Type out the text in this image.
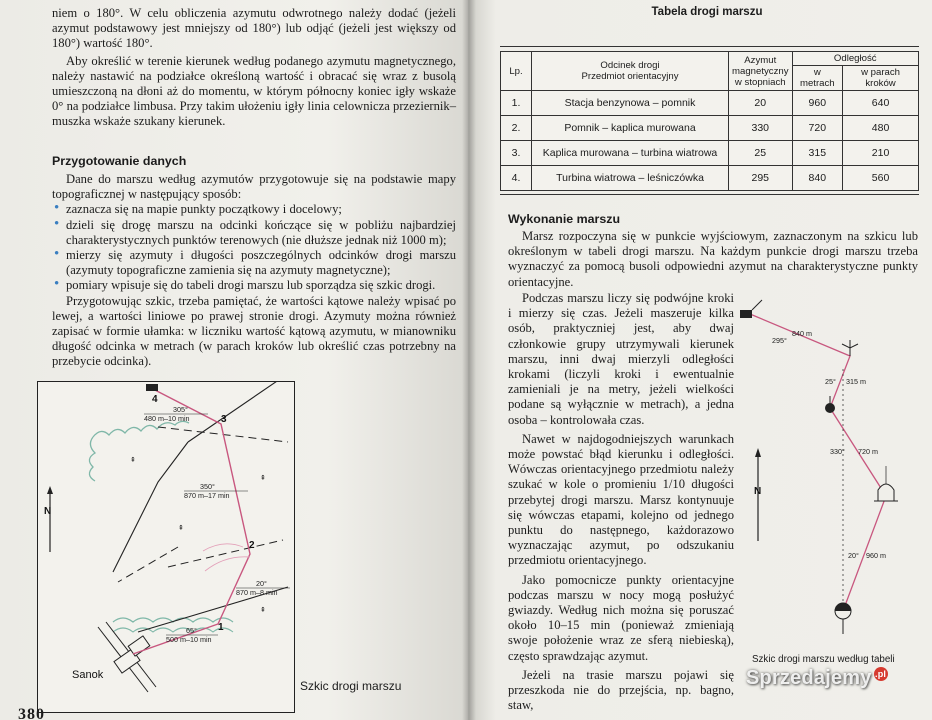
niem o 180°. W celu obliczenia azymutu odwrotnego należy dodać (jeżeli azymut podstawowy jest mniejszy od 180°) lub odjąć (jeżeli jest większy od 180°) wartość 180°.

Aby określić w terenie kierunek według podanego azymutu magnetycznego, należy nastawić na podziałce określoną wartość i obracać się wraz z busolą umieszczoną na dłoni aż do momentu, w którym północny koniec igły wskaże 0° na podziałce limbusa. Przy takim ułożeniu igły linia celowniczа przeziernik–muszka wskaże szukany kierunek.

Przygotowanie danych

Dane do marszu według azymutów przygotowuje się na podstawie mapy topograficznej w następujący sposób:

• zaznacza się na mapie punkty początkowy i docelowy;
• dzieli się drogę marszu na odcinki kończące się w pobliżu najbardziej charakterystycznych punktów terenowych (nie dłuższe jednak niż 1000 m);
• mierzy się azymuty i długości poszczególnych odcinków drogi marszu (azymuty topograficzne zamienia się na azymuty magnetyczne);
• pomiary wpisuje się do tabeli drogi marszu lub sporządza się szkic drogi.

Przygotowując szkic, trzeba pamiętać, że wartości kątowe należy wpisać po lewej, a wartości liniowe po prawej stronie drogi. Azymuty można również zapisać w formie ułamka: w liczniku wartość kątową azymutu, w mianowniku długość odcinka w metrach (w parach kroków lub określić czas potrzebny na przebycie odcinka).

N
⇞
⇞
⇞
⇞
4
3
2
1
305°
480 m–10 min
350°
870 m–17 min
20°
870 m–8 min
65°
500 m–10 min
Sanok
Szkic drogi marszu
380
Tabela drogi marszu
Lp.	Odcinek drogi
Przedmiot orientacyjny	Azymut magnetyczny w stopniach	Odległość	
			w metrach	w parach kroków
1.	Stacja benzynowa – pomnik	20	960	640
2.	Pomnik – kaplica murowana	330	720	480
3.	Kaplica murowana – turbina wiatrowa	25	315	210
4.	Turbina wiatrowa – leśniczówka	295	840	560
Wykonanie marszu

Marsz rozpoczyna się w punkcie wyjściowym, zaznaczonym na szkicu lub określonym w tabeli drogi marszu. Na każdym punkcie drogi marszu trzeba wyznaczyć za pomocą busoli odpowiedni azymut na charakterystyczne punkty orientacyjne.

Podczas marszu liczy się podwójne kroki i mierzy się czas. Jeżeli maszeruje kilka osób, praktyczniej jest, aby dwaj członkowie grupy utrzymywali kierunek marszu, inni dwaj mierzyli odległości krokami (liczyli kroki i ewentualnie zamieniali je na metry, jeżeli wielkości podane są wyłącznie w metrach), a jedna osoba – kontrolowała czas.

Nawet w najdogodniejszych warunkach może powstać błąd kierunku i odległości. Wówczas orientacyjnego przedmiotu należy szukać w kole o promieniu 1/10 długości przebytej drogi marszu. Marsz kontynuuje się wówczas etapami, kolejno od jednego punktu do następnego, każdorazowo wyznaczając azymut, po odszukaniu przedmiotu orientacyjnego.

Jako pomocnicze punkty orientacyjne podczas marszu w nocy mogą posłużyć gwiazdy. Według nich można się poruszać około 10–15 min (ponieważ zmieniają swoje położenie wraz ze sferą niebieską), często sprawdzając azymut.

Jeżeli na trasie marszu pojawi się przeszkoda nie do przejścia, np. bagno, staw,

N
295°
840 m
25° 315 m
330° 720 m
20° 960 m
Szkic drogi marszu według tabeli
Sprzedajemy .pl
